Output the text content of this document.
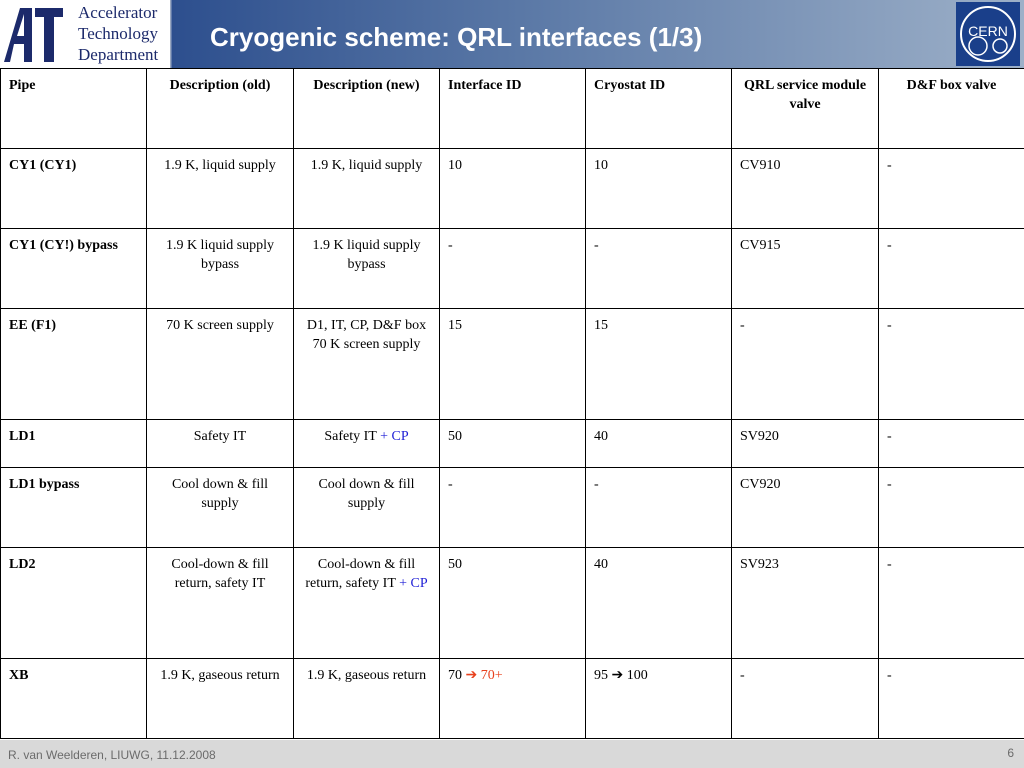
Accelerator
Technology
Department
Cryogenic scheme: QRL interfaces (1/3)	CERN
Pipe	Description (old)	Description (new)	Interface ID	Cryostat ID	QRL service module valve	D&F box valve
CY1 (CY1)	1.9 K, liquid supply	1.9 K, liquid supply	10	10	CV910	-
CY1 (CY!) bypass	1.9 K liquid supply bypass	1.9 K liquid supply bypass	-	-	CV915	-
EE (F1)	70 K screen supply	D1, IT, CP, D&F box 70 K screen supply	15	15	-	-
LD1	Safety IT	Safety IT + CP	50	40	SV920	-
LD1 bypass	Cool down & fill supply	Cool down & fill supply	-	-	CV920	-
LD2	Cool-down & fill return, safety IT	Cool-down & fill return, safety IT + CP	50	40	SV923	-
XB	1.9 K, gaseous return	1.9 K, gaseous return	70 ➔ 70+	95 ➔ 100	-	-
R. van Weelderen, LIUWG, 11.12.2008	6
